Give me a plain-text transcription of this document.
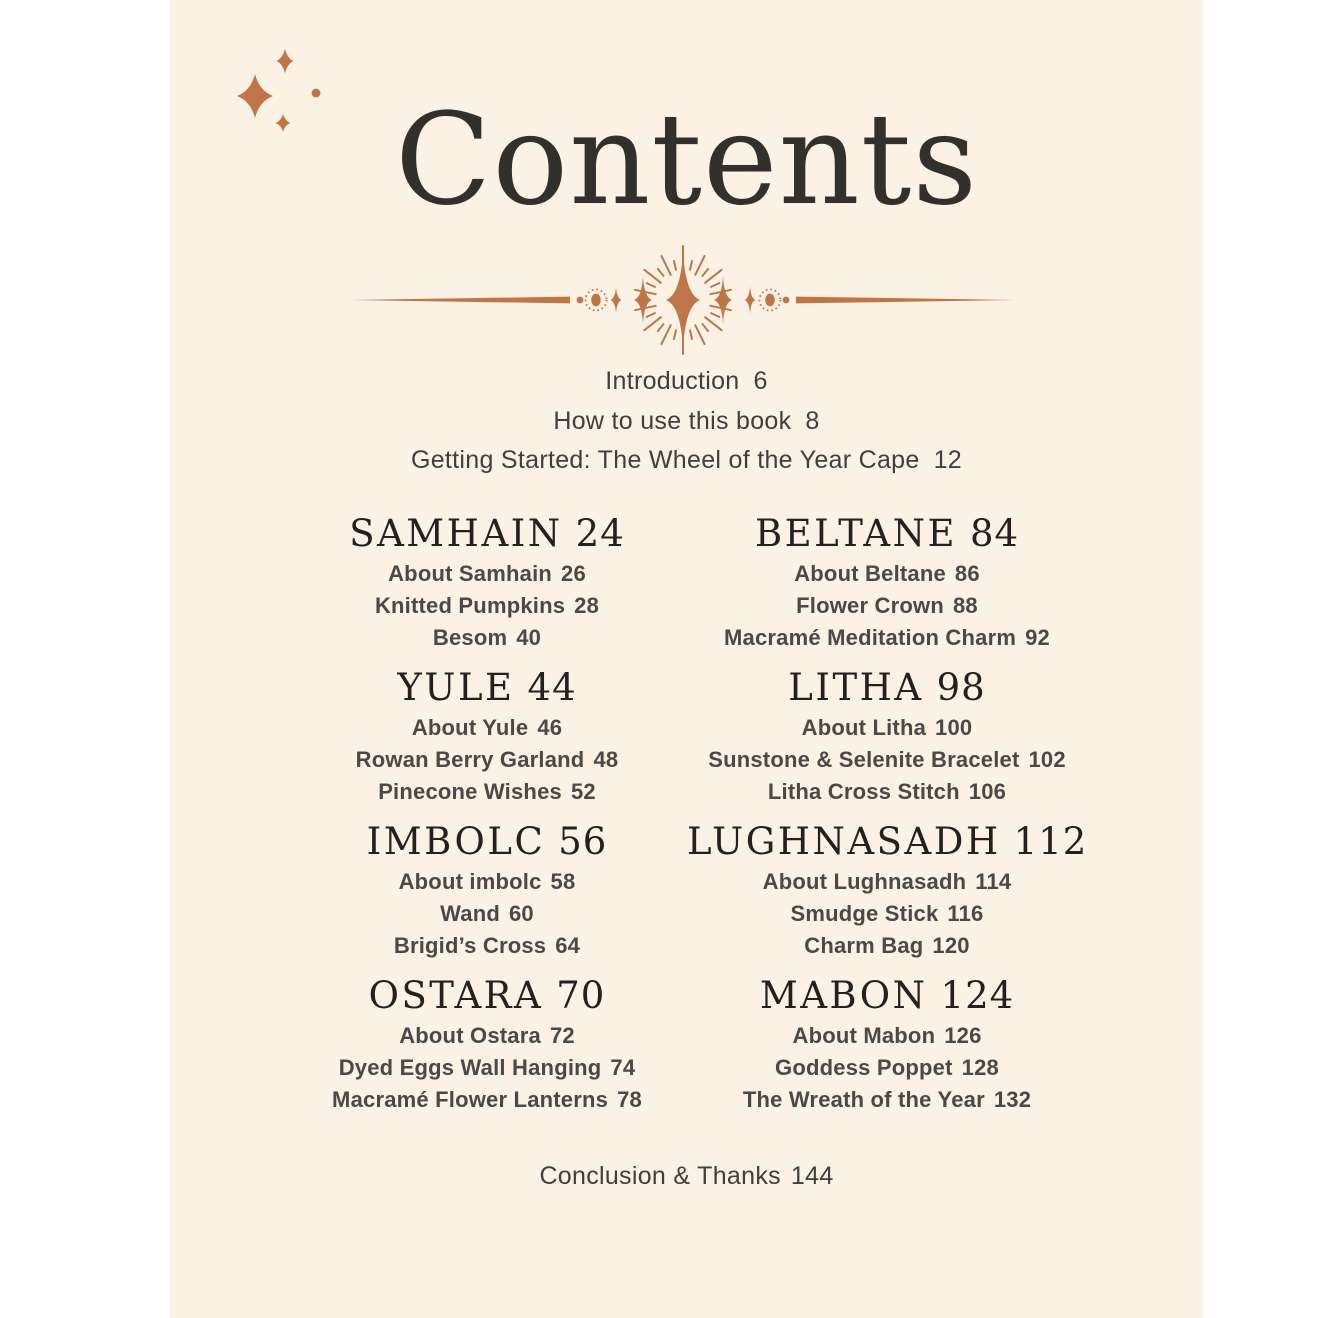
Contents
Introduction 6
How to use this book 8
Getting Started: The Wheel of the Year Cape 12
SAMHAIN 24
About Samhain 26
Knitted Pumpkins 28
Besom 40
YULE 44
About Yule 46
Rowan Berry Garland 48
Pinecone Wishes 52
IMBOLC 56
About imbolc 58
Wand 60
Brigid’s Cross 64
OSTARA 70
About Ostara 72
Dyed Eggs Wall Hanging 74
Macramé Flower Lanterns 78
BELTANE 84
About Beltane 86
Flower Crown 88
Macramé Meditation Charm 92
LITHA 98
About Litha 100
Sunstone & Selenite Bracelet 102
Litha Cross Stitch 106
LUGHNASADH 112
About Lughnasadh 114
Smudge Stick 116
Charm Bag 120
MABON 124
About Mabon 126
Goddess Poppet 128
The Wreath of the Year 132
Conclusion & Thanks 144
